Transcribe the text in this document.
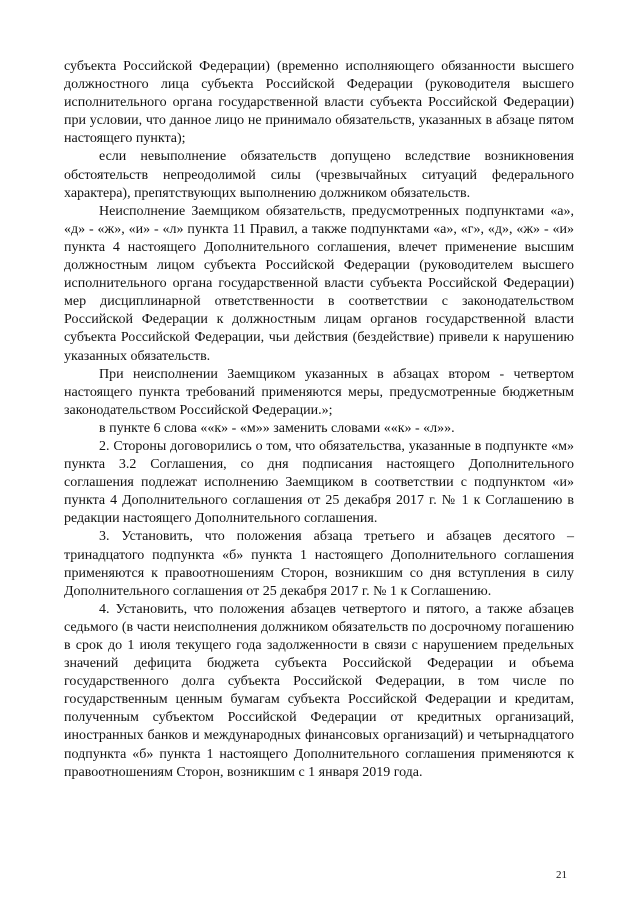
субъекта Российской Федерации) (временно исполняющего обязанности высшего должностного лица субъекта Российской Федерации (руководителя высшего исполнительного органа государственной власти субъекта Российской Федерации) при условии, что данное лицо не принимало обязательств, указанных в абзаце пятом настоящего пункта);

если невыполнение обязательств допущено вследствие возникновения обстоятельств непреодолимой силы (чрезвычайных ситуаций федерального характера), препятствующих выполнению должником обязательств.

Неисполнение Заемщиком обязательств, предусмотренных подпунктами «а», «д» - «ж», «и» - «л» пункта 11 Правил, а также подпунктами «а», «г», «д», «ж» - «и» пункта 4 настоящего Дополнительного соглашения, влечет применение высшим должностным лицом субъекта Российской Федерации (руководителем высшего исполнительного органа государственной власти субъекта Российской Федерации) мер дисциплинарной ответственности в соответствии с законодательством Российской Федерации к должностным лицам органов государственной власти субъекта Российской Федерации, чьи действия (бездействие) привели к нарушению указанных обязательств.

При неисполнении Заемщиком указанных в абзацах втором - четвертом настоящего пункта требований применяются меры, предусмотренные бюджетным законодательством Российской Федерации.»;

в пункте 6 слова ««к» - «м»» заменить словами ««к» - «л»».

2. Стороны договорились о том, что обязательства, указанные в подпункте «м» пункта 3.2 Соглашения, со дня подписания настоящего Дополнительного соглашения подлежат исполнению Заемщиком в соответствии с подпунктом «и» пункта 4 Дополнительного соглашения от 25 декабря 2017 г. № 1 к Соглашению в редакции настоящего Дополнительного соглашения.

3. Установить, что положения абзаца третьего и абзацев десятого – тринадцатого подпункта «б» пункта 1 настоящего Дополнительного соглашения применяются к правоотношениям Сторон, возникшим со дня вступления в силу Дополнительного соглашения от 25 декабря 2017 г. № 1 к Соглашению.

4. Установить, что положения абзацев четвертого и пятого, а также абзацев седьмого (в части неисполнения должником обязательств по досрочному погашению в срок до 1 июля текущего года задолженности в связи с нарушением предельных значений дефицита бюджета субъекта Российской Федерации и объема государственного долга субъекта Российской Федерации, в том числе по государственным ценным бумагам субъекта Российской Федерации и кредитам, полученным субъектом Российской Федерации от кредитных организаций, иностранных банков и международных финансовых организаций) и четырнадцатого подпункта «б» пункта 1 настоящего Дополнительного соглашения применяются к правоотношениям Сторон, возникшим с 1 января 2019 года.

21
